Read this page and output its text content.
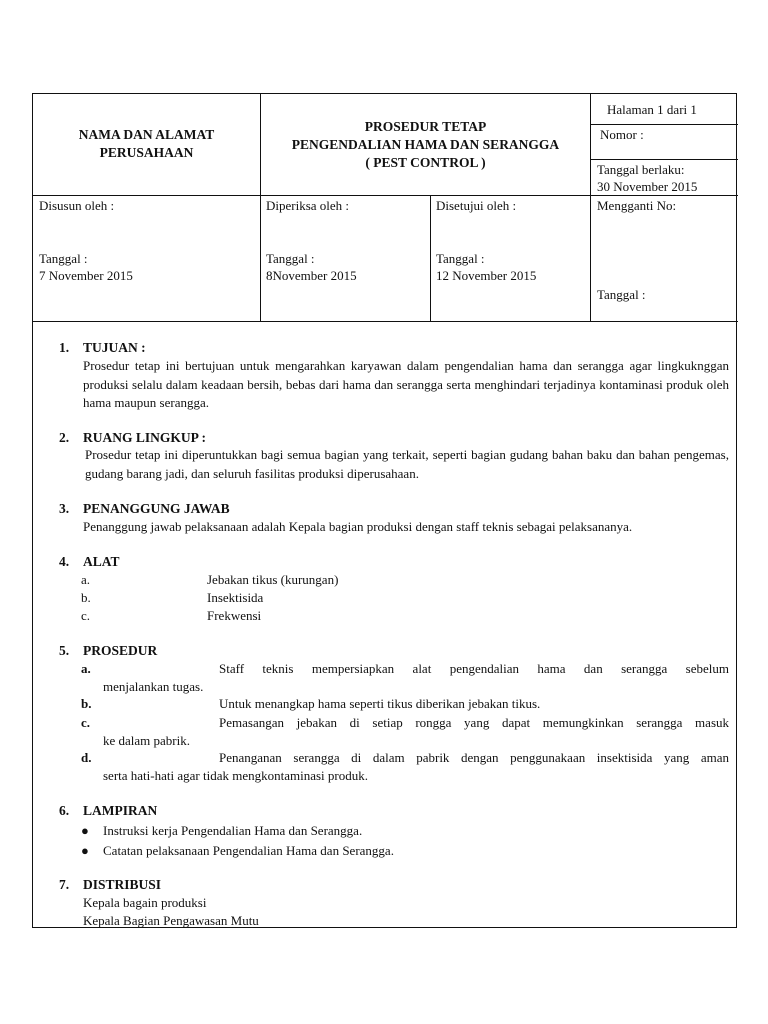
NAMA DAN ALAMAT
PERUSAHAAN
PROSEDUR TETAP
PENGENDALIAN HAMA DAN SERANGGA
( PEST CONTROL )
Halaman 1 dari 1
Nomor :
Tanggal berlaku:
30 November 2015
Disusun oleh :
Tanggal :
7 November 2015
Diperiksa oleh :
Tanggal :
8November 2015
Disetujui oleh :
Tanggal :
12 November 2015
Mengganti No:
Tanggal :
1. TUJUAN :
Prosedur tetap ini bertujuan untuk mengarahkan karyawan dalam pengendalian hama dan serangga agar lingkuknggan produksi selalu dalam keadaan bersih, bebas dari hama dan serangga serta menghindari terjadinya kontaminasi produk oleh hama maupun serangga.
2. RUANG LINGKUP :
Prosedur tetap ini diperuntukkan bagi semua bagian yang terkait, seperti bagian gudang bahan baku dan bahan pengemas, gudang barang jadi, dan seluruh fasilitas produksi diperusahaan.
3. PENANGGUNG JAWAB
Penanggung jawab pelaksanaan adalah Kepala bagian produksi dengan staff teknis sebagai pelaksananya.
4. ALAT
a.	Jebakan tikus (kurungan)
b.	Insektisida
c.	Frekwensi
5. PROSEDUR
a.	Staff teknis mempersiapkan alat pengendalian hama dan serangga sebelum
menjalankan tugas.
b.	Untuk menangkap hama seperti tikus diberikan jebakan tikus.
c.	Pemasangan jebakan di setiap rongga yang dapat memungkinkan serangga masuk
ke dalam pabrik.
d.	Penanganan serangga di dalam pabrik dengan penggunakaan insektisida yang aman
serta hati-hati agar tidak mengkontaminasi produk.
6. LAMPIRAN
● Instruksi kerja Pengendalian Hama dan Serangga.
● Catatan pelaksanaan Pengendalian Hama dan Serangga.
7. DISTRIBUSI
Kepala bagain produksi
Kepala Bagian Pengawasan Mutu
